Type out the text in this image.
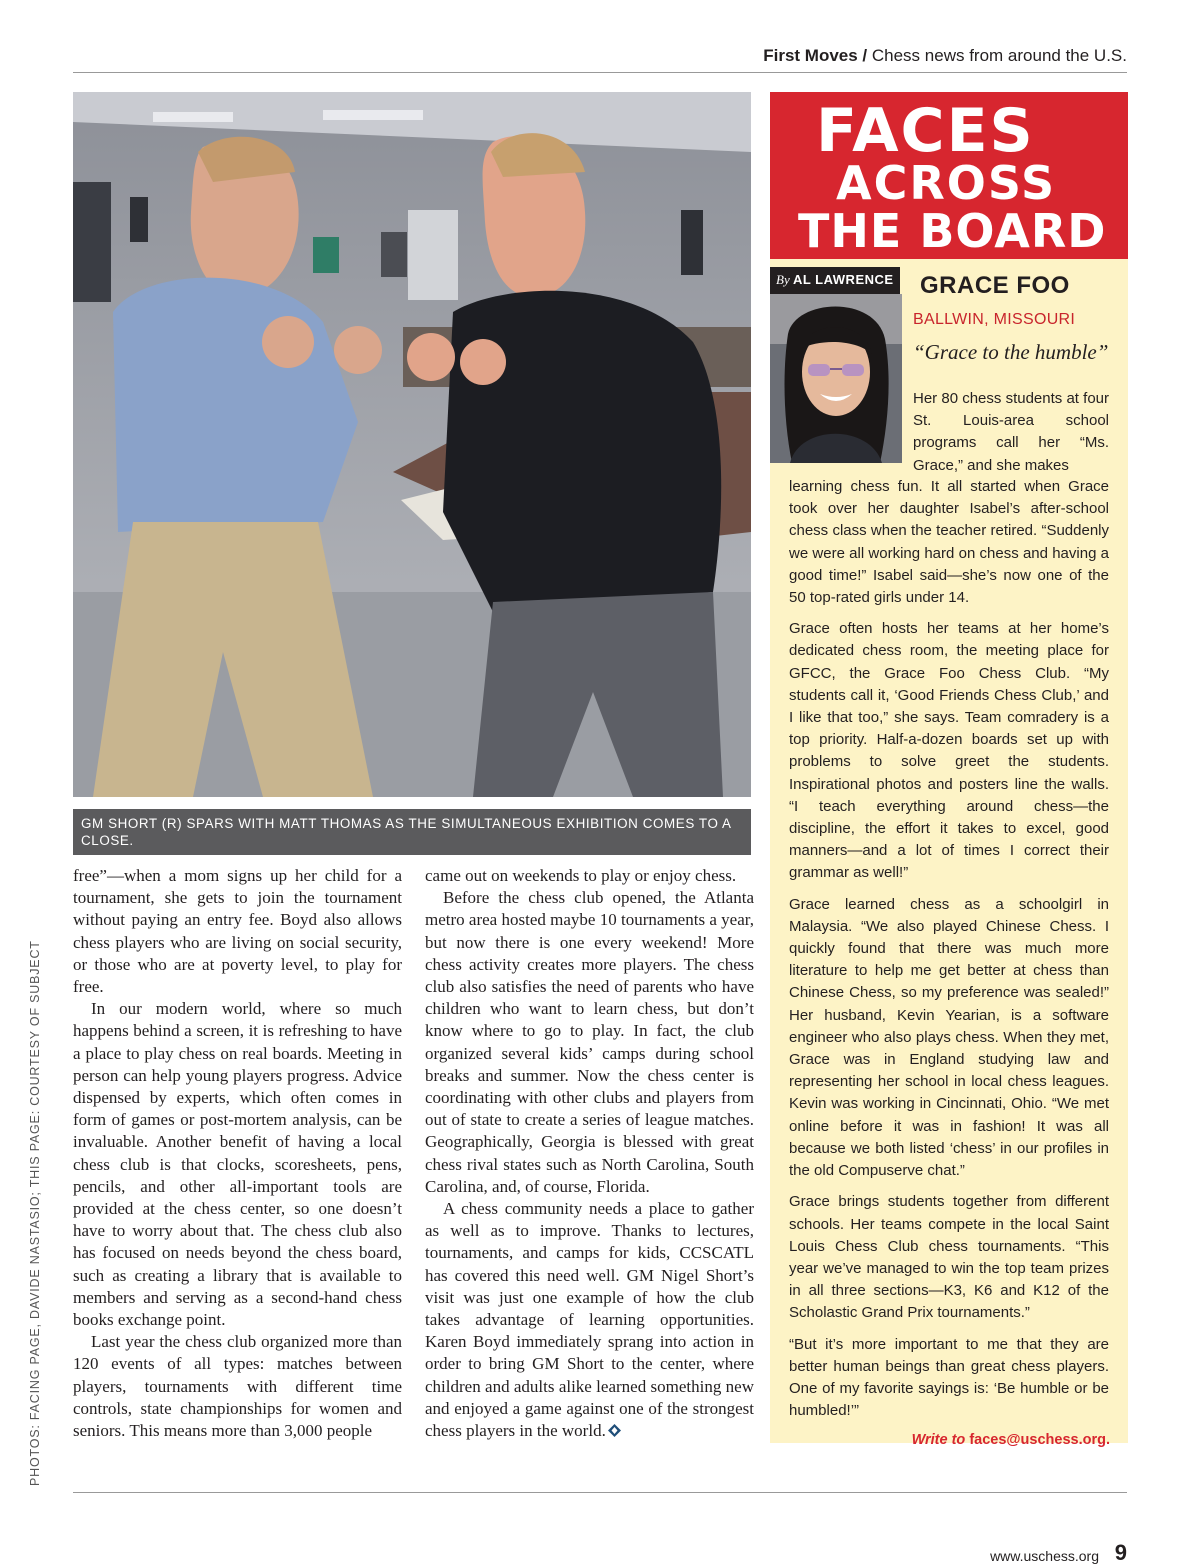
First Moves / Chess news from around the U.S.
PHOTOS: FACING PAGE, DAVIDE NASTASIO; THIS PAGE: COURTESY OF SUBJECT
GM SHORT (R) SPARS WITH MATT THOMAS AS THE SIMULTANEOUS EXHIBITION COMES TO A CLOSE.

free”—when a mom signs up her child for a tournament, she gets to join the tournament without paying an entry fee. Boyd also allows chess players who are living on social security, or those who are at poverty level, to play for free.

In our modern world, where so much happens behind a screen, it is refreshing to have a place to play chess on real boards. Meeting in person can help young players progress. Advice dispensed by experts, which often comes in form of games or post-mortem analysis, can be invaluable. Another benefit of having a local chess club is that clocks, scoresheets, pens, pencils, and other all-important tools are provided at the chess center, so one doesn’t have to worry about that. The chess club also has focused on needs beyond the chess board, such as creating a library that is available to members and serving as a second-hand chess books exchange point.

Last year the chess club organized more than 120 events of all types: matches between players, tournaments with different time controls, state championships for women and seniors. This means more than 3,000 people

came out on weekends to play or enjoy chess.

Before the chess club opened, the Atlanta metro area hosted maybe 10 tournaments a year, but now there is one every weekend! More chess activity creates more players. The chess club also satisfies the need of parents who have children who want to learn chess, but don’t know where to go to play. In fact, the club organized several kids’ camps during school breaks and summer. Now the chess center is coordinating with other clubs and players from out of state to create a series of league matches. Geographically, Georgia is blessed with great chess rival states such as North Carolina, South Carolina, and, of course, Florida.

A chess community needs a place to gather as well as to improve. Thanks to lectures, tournaments, and camps for kids, CCSCATL has covered this need well. GM Nigel Short’s visit was just one example of how the club takes advantage of learning opportunities. Karen Boyd immediately sprang into action in order to bring GM Short to the center, where children and adults alike learned something new and enjoyed a game against one of the strongest chess players in the world.

FACES
ACROSS
THE BOARD
By AL LAWRENCE GRACE FOO
BALLWIN, MISSOURI
“Grace to the humble”

Her 80 chess students at four St. Louis-area school programs call her “Ms. Grace,” and she makes

learning chess fun. It all started when Grace took over her daughter Isabel’s after-school chess class when the teacher retired. “Suddenly we were all working hard on chess and having a good time!” Isabel said—she’s now one of the 50 top-rated girls under 14.

Grace often hosts her teams at her home’s dedicated chess room, the meeting place for GFCC, the Grace Foo Chess Club. “My students call it, ‘Good Friends Chess Club,’ and I like that too,” she says. Team comradery is a top priority. Half-a-dozen boards set up with problems to solve greet the students. Inspirational photos and posters line the walls. “I teach everything around chess—the discipline, the effort it takes to excel, good manners—and a lot of times I correct their grammar as well!”

Grace learned chess as a schoolgirl in Malaysia. “We also played Chinese Chess. I quickly found that there was much more literature to help me get better at chess than Chinese Chess, so my preference was sealed!” Her husband, Kevin Yearian, is a software engineer who also plays chess. When they met, Grace was in England studying law and representing her school in local chess leagues. Kevin was working in Cincinnati, Ohio. “We met online before it was in fashion! It was all because we both listed ‘chess’ in our profiles in the old Compuserve chat.”

Grace brings students together from different schools. Her teams compete in the local Saint Louis Chess Club chess tournaments. “This year we’ve managed to win the top team prizes in all three sections—K3, K6 and K12 of the Scholastic Grand Prix tournaments.”

“But it’s more important to me that they are better human beings than great chess players. One of my favorite sayings is: ‘Be humble or be humbled!’”

Write to faces@uschess.org.
www.uschess.org 9
